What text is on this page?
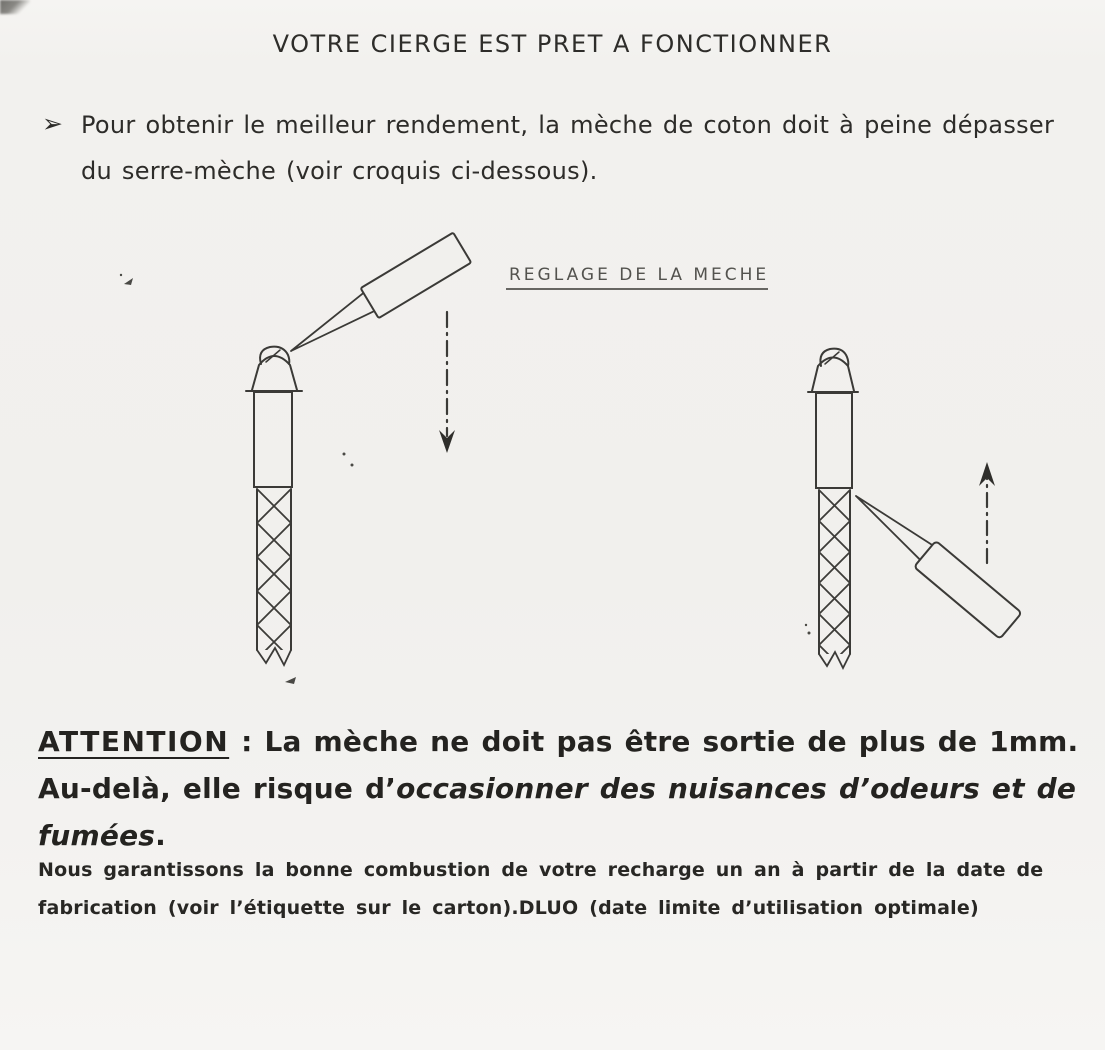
VOTRE CIERGE EST PRET A FONCTIONNER
➢ Pour obtenir le meilleur rendement, la mèche de coton doit à peine dépasser
du serre-mèche (voir croquis ci-dessous).
REGLAGE DE LA MECHE
ATTENTION : La mèche ne doit pas être sortie de plus de 1mm.
Au-delà, elle risque d’occasionner des nuisances d’odeurs et de
fumées.
Nous garantissons la bonne combustion de votre recharge un an à partir de la date de
fabrication (voir l’étiquette sur le carton).DLUO (date limite d’utilisation optimale)
